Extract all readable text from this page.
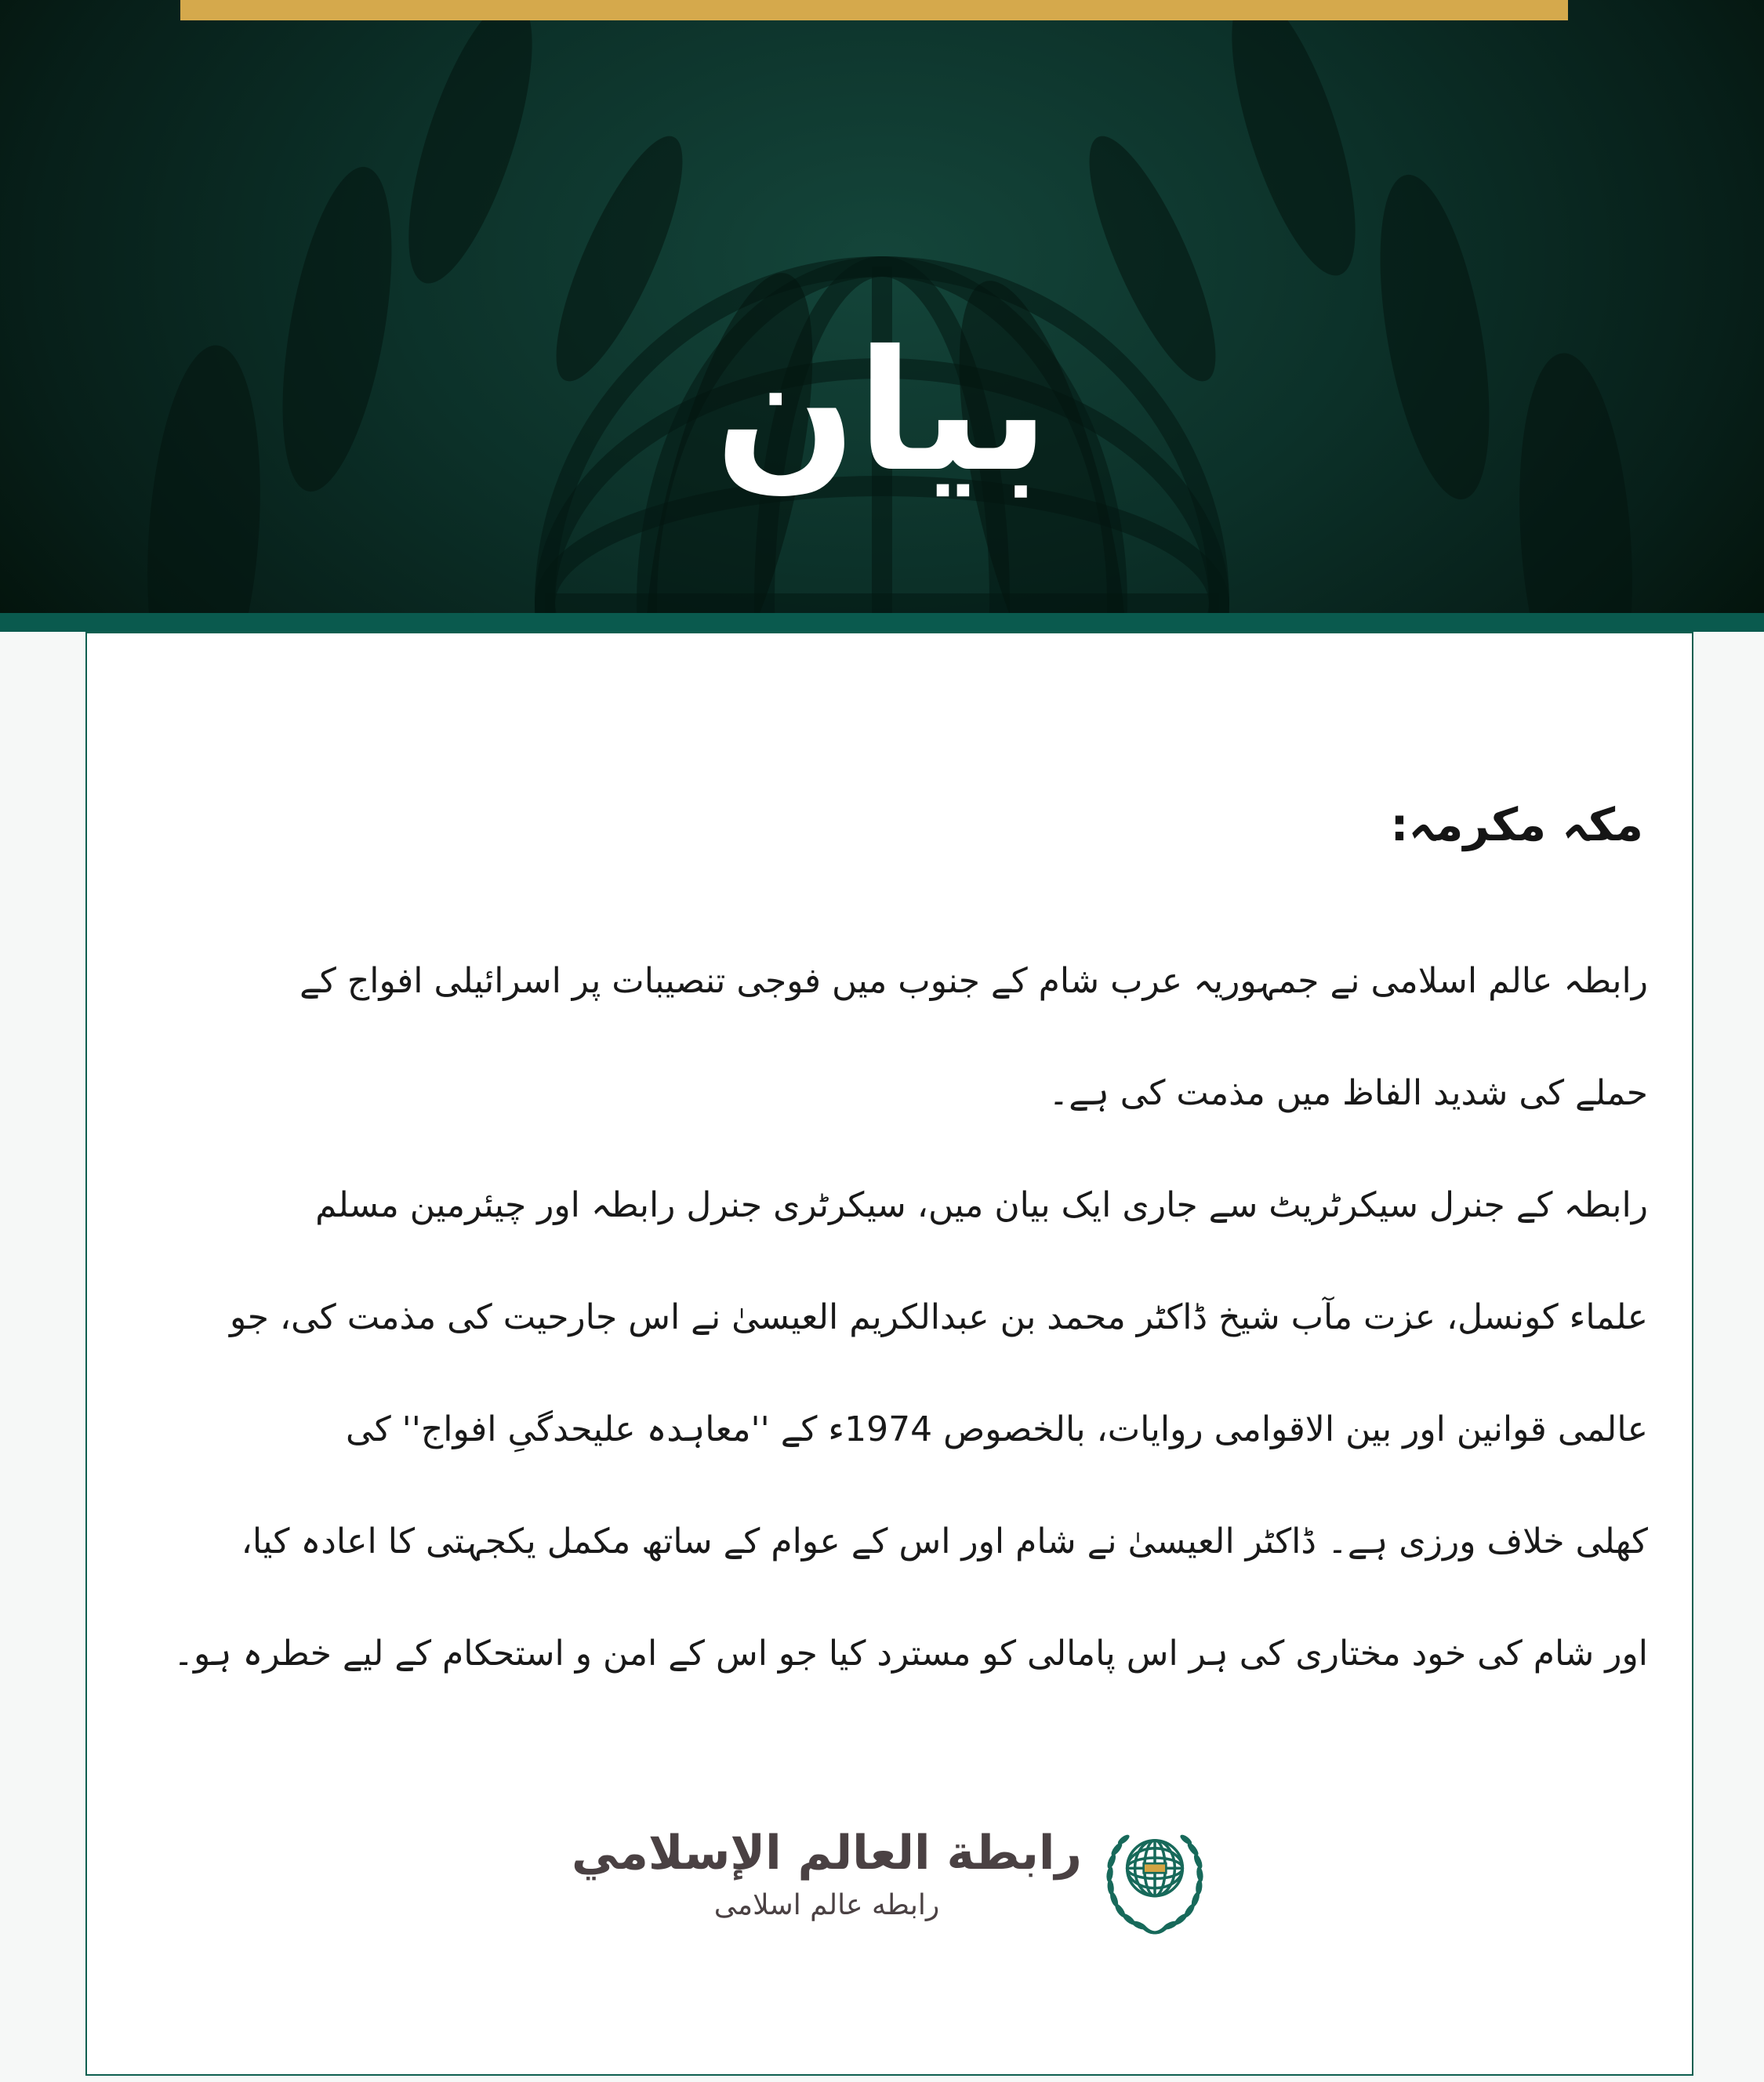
بيان
مکہ مکرمہ:
رابطہ عالم اسلامی نے جمہوریہ عرب شام کے جنوب میں فوجی تنصیبات پر اسرائیلی افواج کے
حملے کی شدید الفاظ میں مذمت کی ہے۔
رابطہ کے جنرل سیکرٹریٹ سے جاری ایک بیان میں، سیکرٹری جنرل رابطہ اور چیئرمین مسلم
علماء کونسل، عزت مآب شیخ ڈاکٹر محمد بن عبدالکریم العیسیٰ نے اس جارحیت کی مذمت کی، جو
عالمی قوانین اور بین الاقوامی روایات، بالخصوص 1974ء کے ''معاہدہ علیحدگیِ افواج'' کی
کھلی خلاف ورزی ہے۔ ڈاکٹر العیسیٰ نے شام اور اس کے عوام کے ساتھ مکمل یکجہتی کا اعادہ کیا،
اور شام کی خود مختاری کی ہر اس پامالی کو مسترد کیا جو اس کے امن و استحکام کے لیے خطرہ ہو۔
رابطة العالم الإسلامي
رابطه عالم اسلامی
